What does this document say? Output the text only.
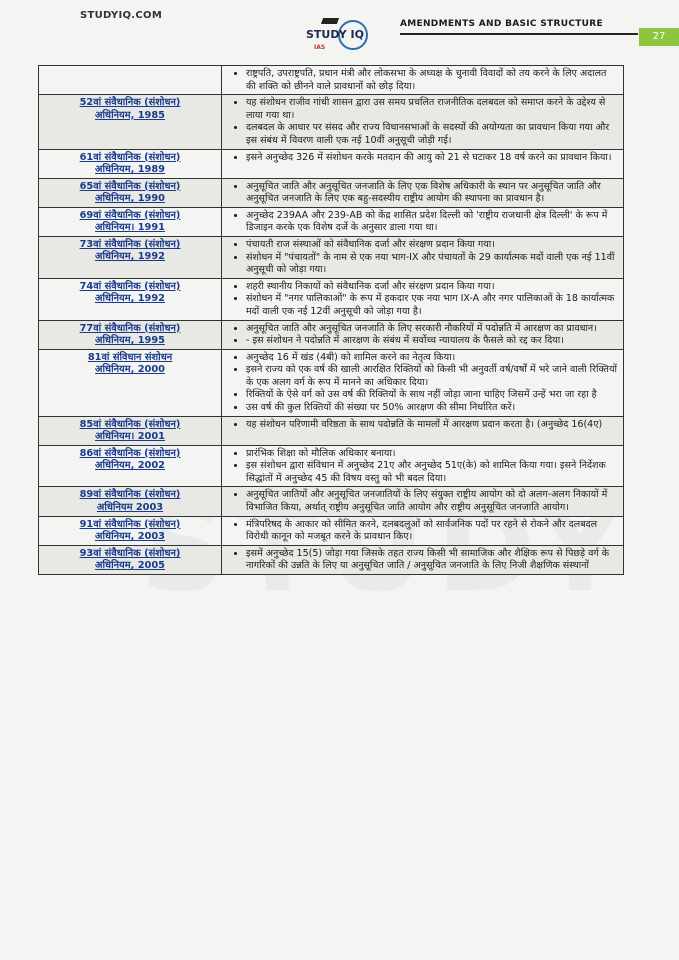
STUDYIQ.COM
STUDY IQ
IAS
AMENDMENTS AND BASIC STRUCTURE
27
• राष्ट्रपति, उपराष्ट्रपति, प्रधान मंत्री और लोकसभा के अध्यक्ष के चुनावी विवादों को तय करने के लिए अदालत की शक्ति को छीनने वाले प्रावधानों को छोड़ दिया।
52वां संवैधानिक (संशोधन)
अधिनियम, 1985
• यह संशोधन राजीव गांधी शासन द्वारा उस समय प्रचलित राजनीतिक दलबदल को समाप्त करने के उद्देश्य से लाया गया था।
• दलबदल के आधार पर संसद और राज्य विधानसभाओं के सदस्यों की अयोग्यता का प्रावधान किया गया और इस संबंध में विवरण वाली एक नई 10वीं अनुसूची जोड़ी गई।
61वां संवैधानिक (संशोधन)
अधिनियम, 1989
• इसने अनुच्छेद 326 में संशोधन करके मतदान की आयु को 21 से घटाकर 18 वर्ष करने का प्रावधान किया।
65वां संवैधानिक (संशोधन)
अधिनियम, 1990
• अनुसूचित जाति और अनुसूचित जनजाति के लिए एक विशेष अधिकारी के स्थान पर अनुसूचित जाति और अनुसूचित जनजाति के लिए एक बहु-सदस्यीय राष्ट्रीय आयोग की स्थापना का प्रावधान है।
69वां संवैधानिक (संशोधन)
अधिनियम। 1991
• अनुच्छेद 239AA और 239-AB को केंद्र शासित प्रदेश दिल्ली को 'राष्ट्रीय राजधानी क्षेत्र दिल्ली' के रूप में डिजाइन करके एक विशेष दर्जे के अनुसार डाला गया था।
73वां संवैधानिक (संशोधन)
अधिनियम, 1992
• पंचायती राज संस्थाओं को संवैधानिक दर्जा और संरक्षण प्रदान किया गया।
• संशोधन में "पंचायतों" के नाम से एक नया भाग-IX और पंचायतों के 29 कार्यात्मक मदों वाली एक नई 11वीं अनुसूची को जोड़ा गया।
74वां संवैधानिक (संशोधन)
अधिनियम, 1992
• शहरी स्थानीय निकायों को संवैधानिक दर्जा और संरक्षण प्रदान किया गया।
• संशोधन में "नगर पालिकाओं" के रूप में हकदार एक नया भाग IX-A और नगर पालिकाओं के 18 कार्यात्मक मदों वाली एक नई 12वीं अनुसूची को जोड़ा गया है।
77वां संवैधानिक (संशोधन)
अधिनियम, 1995
• अनुसूचित जाति और अनुसूचित जनजाति के लिए सरकारी नौकरियों में पदोन्नति में आरक्षण का प्रावधान।
• - इस संशोधन ने पदोन्नति में आरक्षण के संबंध में सर्वोच्च न्यायालय के फैसले को रद्द कर दिया।
81वां संविधान संशोधन
अधिनियम, 2000
• अनुच्छेद 16 में खंड (4बी) को शामिल करने का नेतृत्व किया।
• इसने राज्य को एक वर्ष की खाली आरक्षित रिक्तियों को किसी भी अनुवर्ती वर्ष/वर्षों में भरे जाने वाली रिक्तियों के एक अलग वर्ग के रूप में मानने का अधिकार दिया।
• रिक्तियों के ऐसे वर्ग को उस वर्ष की रिक्तियों के साथ नहीं जोड़ा जाना चाहिए जिसमें उन्हें भरा जा रहा है
• उस वर्ष की कुल रिक्तियों की संख्या पर 50% आरक्षण की सीमा निर्धारित करें।
85वां संवैधानिक (संशोधन)
अधिनियम। 2001
• यह संशोधन परिणामी वरिष्ठता के साथ पदोन्नति के मामलों में आरक्षण प्रदान करता है। (अनुच्छेद 16(4ए)
86वां संवैधानिक (संशोधन)
अधिनियम, 2002
• प्रारंभिक शिक्षा को मौलिक अधिकार बनाया।
• इस संशोधन द्वारा संविधान में अनुच्छेद 21ए और अनुच्छेद 51ए(के) को शामिल किया गया। इसने निर्देशक सिद्धांतों में अनुच्छेद 45 की विषय वस्तु को भी बदल दिया।
89वां संवैधानिक (संशोधन)
अधिनियम 2003
• अनुसूचित जातियों और अनुसूचित जनजातियों के लिए संयुक्त राष्ट्रीय आयोग को दो अलग-अलग निकायों में विभाजित किया, अर्थात् राष्ट्रीय अनुसूचित जाति आयोग और राष्ट्रीय अनुसूचित जनजाति आयोग।
91वां संवैधानिक (संशोधन)
अधिनियम, 2003
• मंत्रिपरिषद के आकार को सीमित करने, दलबदलुओं को सार्वजनिक पदों पर रहने से रोकने और दलबदल विरोधी कानून को मजबूत करने के प्रावधान किए।
93वां संवैधानिक (संशोधन)
अधिनियम, 2005
• इसमें अनुच्छेद 15(5) जोड़ा गया जिसके तहत राज्य किसी भी सामाजिक और शैक्षिक रूप से पिछड़े वर्ग के नागरिकों की उन्नति के लिए या अनुसूचित जाति / अनुसूचित जनजाति के लिए निजी शैक्षणिक संस्थानों
